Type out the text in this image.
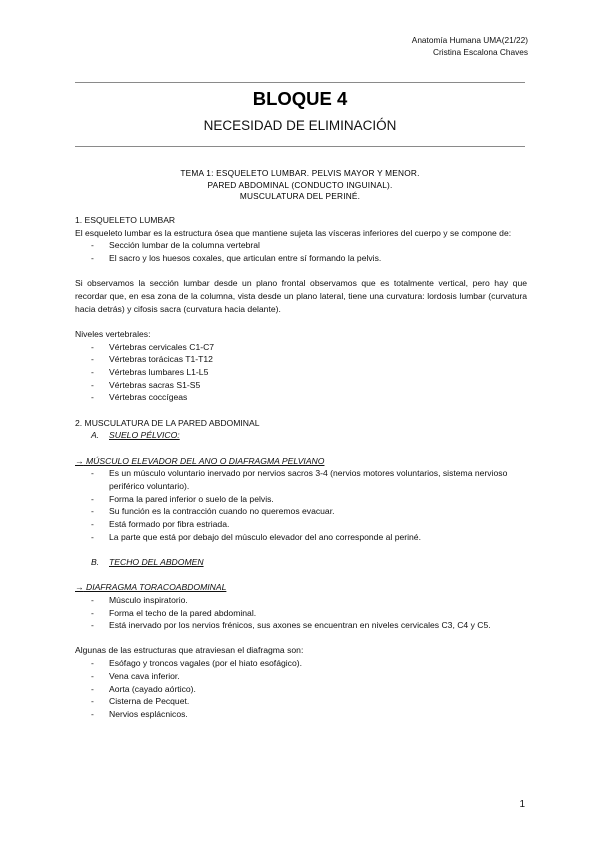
Anatomía Humana UMA(21/22)
Cristina Escalona Chaves
BLOQUE 4
NECESIDAD DE ELIMINACIÓN
TEMA 1: ESQUELETO LUMBAR. PELVIS MAYOR Y MENOR.
PARED ABDOMINAL (CONDUCTO INGUINAL).
MUSCULATURA DEL PERINÉ.
1. ESQUELETO LUMBAR

El esqueleto lumbar es la estructura ósea que mantiene sujeta las vísceras inferiores del cuerpo y se compone de:

- Sección lumbar de la columna vertebral
- El sacro y los huesos coxales, que articulan entre sí formando la pelvis.

Si observamos la sección lumbar desde un plano frontal observamos que es totalmente vertical, pero hay que recordar que, en esa zona de la columna, vista desde un plano lateral, tiene una curvatura: lordosis lumbar (curvatura hacia detrás) y cifosis sacra (curvatura hacia delante).

Niveles vertebrales:
- Vértebras cervicales C1-C7
- Vértebras torácicas T1-T12
- Vértebras lumbares L1-L5
- Vértebras sacras S1-S5
- Vértebras coccígeas
2. MUSCULATURA DE LA PARED ABDOMINAL
A. SUELO PÉLVICO:
→ MÚSCULO ELEVADOR DEL ANO O DIAFRAGMA PELVIANO
- Es un músculo voluntario inervado por nervios sacros 3-4 (nervios motores voluntarios, sistema nervioso periférico voluntario).
- Forma la pared inferior o suelo de la pelvis.
- Su función es la contracción cuando no queremos evacuar.
- Está formado por fibra estriada.
- La parte que está por debajo del músculo elevador del ano corresponde al periné.
B. TECHO DEL ABDOMEN
→ DIAFRAGMA TORACOABDOMINAL
- Músculo inspiratorio.
- Forma el techo de la pared abdominal.
- Está inervado por los nervios frénicos, sus axones se encuentran en niveles cervicales C3, C4 y C5.
Algunas de las estructuras que atraviesan el diafragma son:
- Esófago y troncos vagales (por el hiato esofágico).
- Vena cava inferior.
- Aorta (cayado aórtico).
- Cisterna de Pecquet.
- Nervios esplácnicos.
1
